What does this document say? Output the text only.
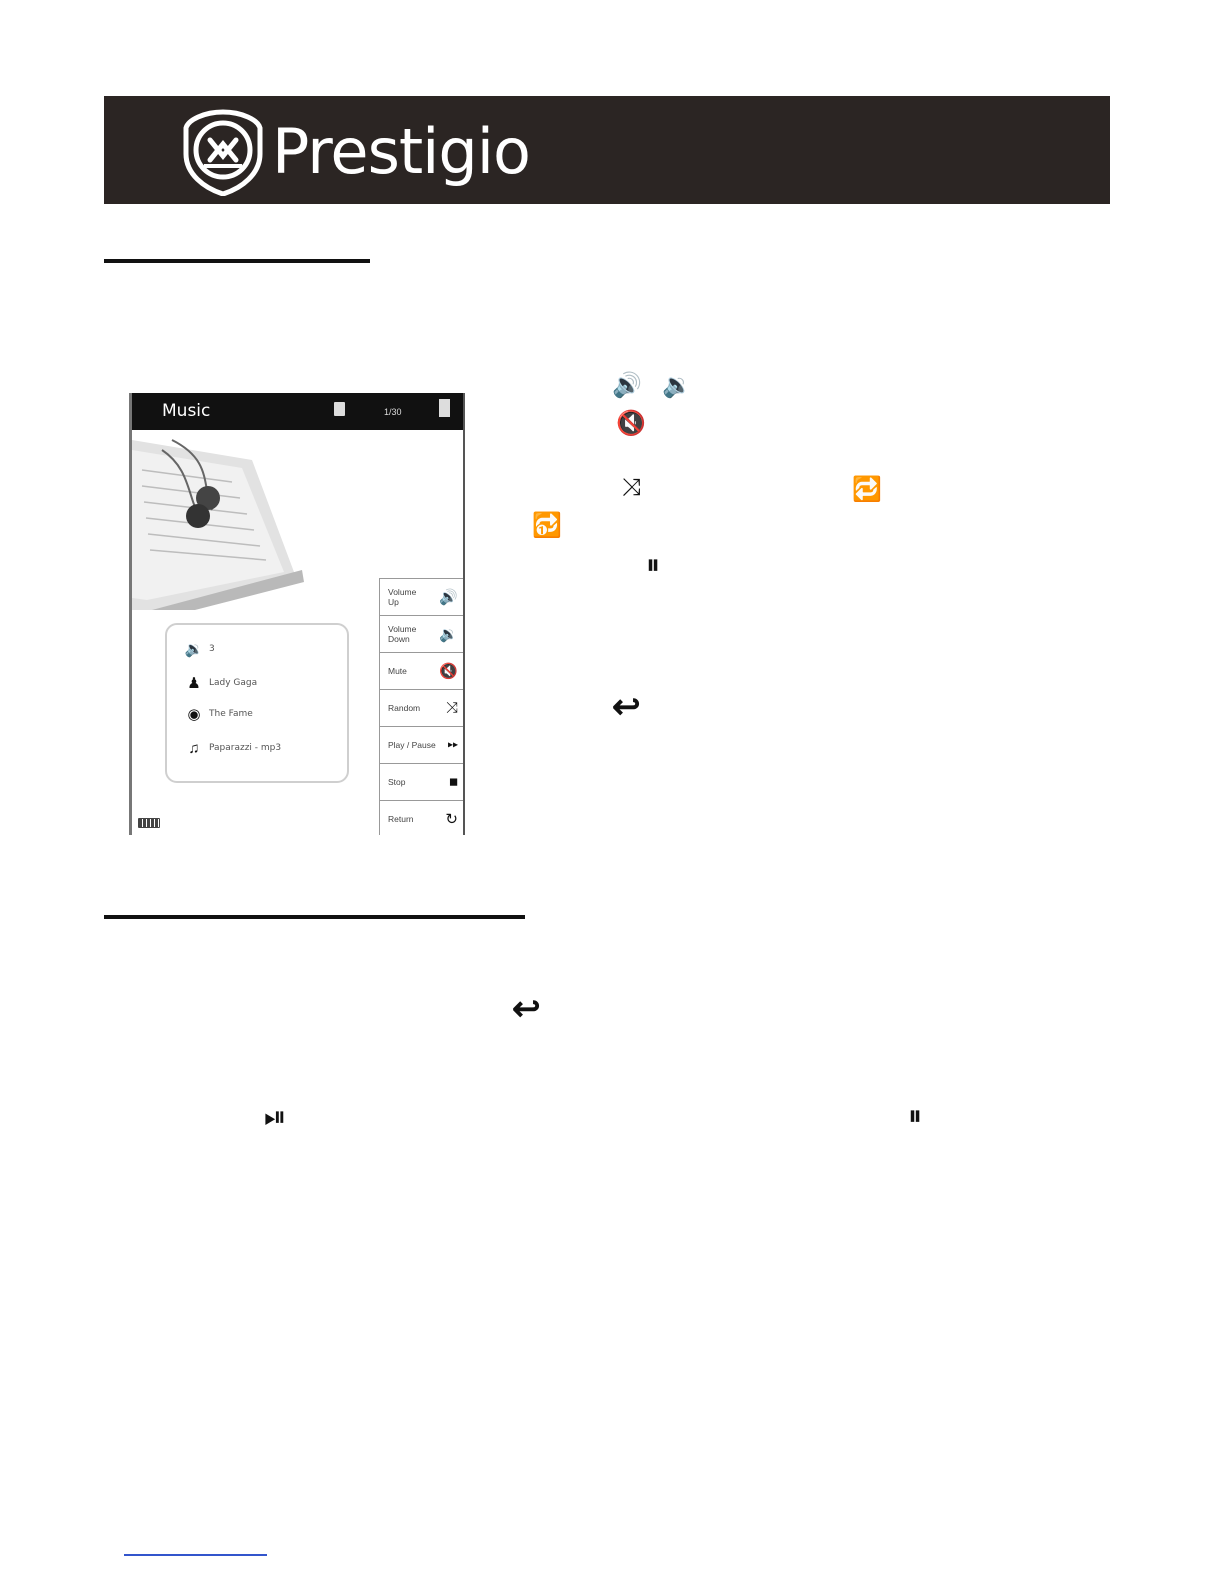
Prestigio
Music	1/30
🔉 3
♟ Lady Gaga
◉ The Fame
♫	Paparazzi - mp3
Volume
Up	🔊
Volume
Down	🔉
Mute	🔇
Random	⤨
Play / Pause	▸▸
Stop	■
Return	↻
🔊 🔉
🔇
⤨	🔁
🔂
⏸
↩
↩
⏯	⏸
